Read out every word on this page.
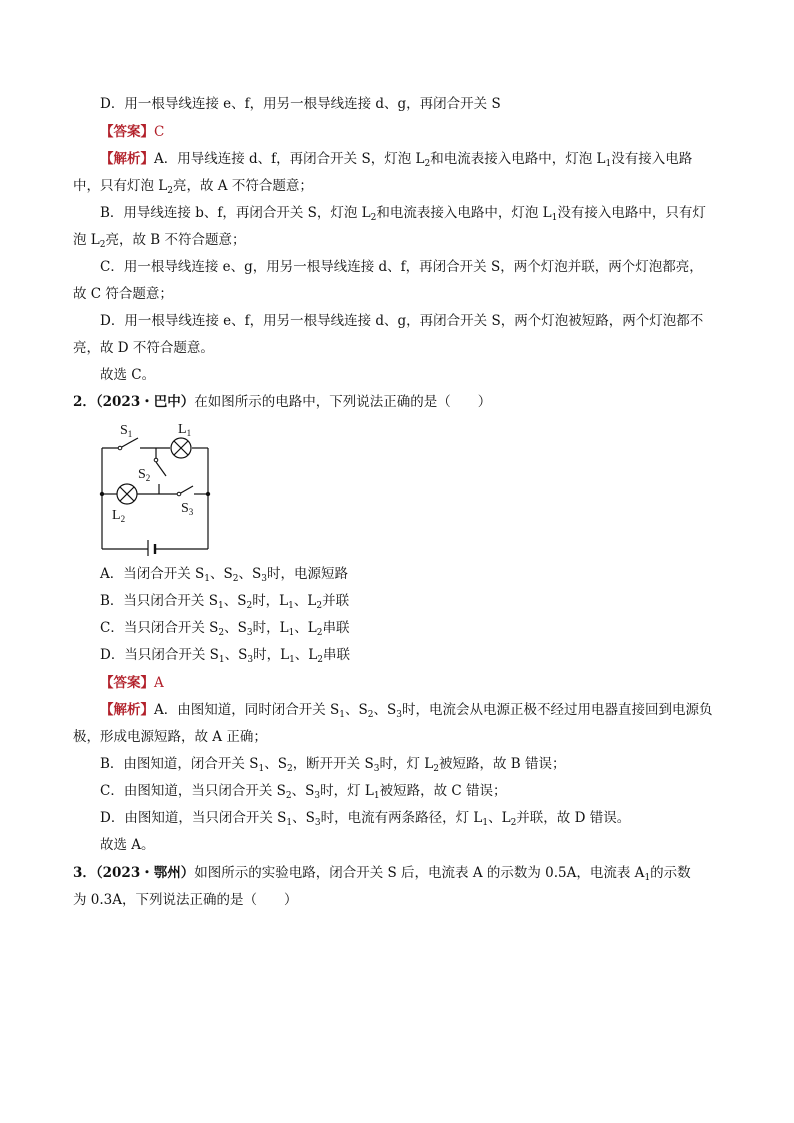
D．用一根导线连接 e、f，用另一根导线连接 d、g，再闭合开关 S
【答案】C
【解析】A．用导线连接 d、f，再闭合开关 S，灯泡 $L_2$和电流表接入电路中，灯泡 $L_1$没有接入电路
中，只有灯泡 $L_2$亮，故 A 不符合题意；
B．用导线连接 b、f，再闭合开关 S，灯泡 $L_2$和电流表接入电路中，灯泡 $L_1$没有接入电路中，只有灯
泡 $L_2$亮，故 B 不符合题意；
C．用一根导线连接 e、g，用另一根导线连接 d、f，再闭合开关 S，两个灯泡并联，两个灯泡都亮，
故 C 符合题意；
D．用一根导线连接 e、f，用另一根导线连接 d、g，再闭合开关 S，两个灯泡被短路，两个灯泡都不
亮，故 D 不符合题意。
故选 C。
2．（2023・巴中）在如图所示的电路中，下列说法正确的是（　　）
$S_1$	$L_1$
$S_2$
$S_3$
$L_2$
A．当闭合开关 $S_1$、$S_2$、$S_3$时，电源短路
B．当只闭合开关 $S_1$、$S_2$时，$L_1$、$L_2$并联
C．当只闭合开关 $S_2$、$S_3$时，$L_1$、$L_2$串联
D．当只闭合开关 $S_1$、$S_3$时，$L_1$、$L_2$串联
【答案】A
【解析】A．由图知道，同时闭合开关 $S_1$、$S_2$、$S_3$时，电流会从电源正极不经过用电器直接回到电源负
极，形成电源短路，故 A 正确；
B．由图知道，闭合开关 $S_1$、$S_2$，断开开关 $S_3$时，灯 $L_2$被短路，故 B 错误；
C．由图知道，当只闭合开关 $S_2$、$S_3$时，灯 $L_1$被短路，故 C 错误；
D．由图知道，当只闭合开关 $S_1$、$S_3$时，电流有两条路径，灯 $L_1$、$L_2$并联，故 D 错误。
故选 A。
3．（2023・鄂州）如图所示的实验电路，闭合开关 S 后，电流表 A 的示数为 0.5A，电流表 $A_1$的示数
为 0.3A，下列说法正确的是（　　）
